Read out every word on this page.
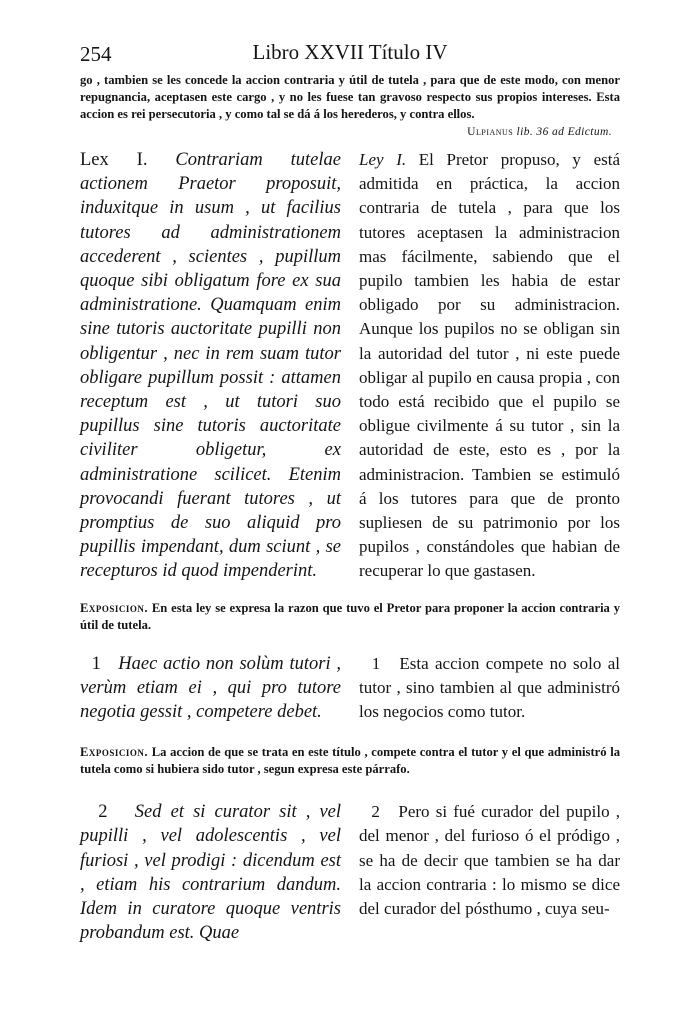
254	Libro XXVII Título IV
go , tambien se les concede la accion contraria y útil de tutela , para que de este modo, con menor repugnancia, aceptasen este cargo , y no les fuese tan gravoso respecto sus propios intereses. Esta accion es rei persecutoria , y como tal se dá á los herederos, y contra ellos.
Ulpianus lib. 36 ad Edictum.
Lex I. Contrariam tutelae actionem Praetor proposuit, induxitque in usum , ut facilius tutores ad administrationem accederent , scientes , pupillum quoque sibi obligatum fore ex sua administratione. Quamquam enim sine tutoris auctoritate pupilli non obligentur , nec in rem suam tutor obligare pupillum possit : attamen receptum est , ut tutori suo pupillus sine tutoris auctoritate civiliter obligetur, ex administratione scilicet. Etenim provocandi fuerant tutores , ut promptius de suo aliquid pro pupillis impendant, dum sciunt , se recepturos id quod impenderint.
Ley I. El Pretor propuso, y está admitida en práctica, la accion contraria de tutela , para que los tutores aceptasen la administracion mas fácilmente, sabiendo que el pupilo tambien les habia de estar obligado por su administracion. Aunque los pupilos no se obligan sin la autoridad del tutor , ni este puede obligar al pupilo en causa propia , con todo está recibido que el pupilo se obligue civilmente á su tutor , sin la autoridad de este, esto es , por la administracion. Tambien se estimuló á los tutores para que de pronto supliesen de su patrimonio por los pupilos , constándoles que habian de recuperar lo que gastasen.
Exposicion. En esta ley se expresa la razon que tuvo el Pretor para proponer la accion contraria y útil de tutela.
1 Haec actio non solùm tutori , verùm etiam ei , qui pro tutore negotia gessit , competere debet.
1 Esta accion compete no solo al tutor , sino tambien al que administró los negocios como tutor.
Exposicion. La accion de que se trata en este título , compete contra el tutor y el que administró la tutela como si hubiera sido tutor , segun expresa este párrafo.
2 Sed et si curator sit , vel pupilli , vel adolescentis , vel furiosi , vel prodigi : dicendum est , etiam his contrarium dandum. Idem in curatore quoque ventris probandum est. Quae
2 Pero si fué curador del pupilo , del menor , del furioso ó el pródigo , se ha de decir que tambien se ha dar la accion contraria : lo mismo se dice del curador del pósthumo , cuya seu-
